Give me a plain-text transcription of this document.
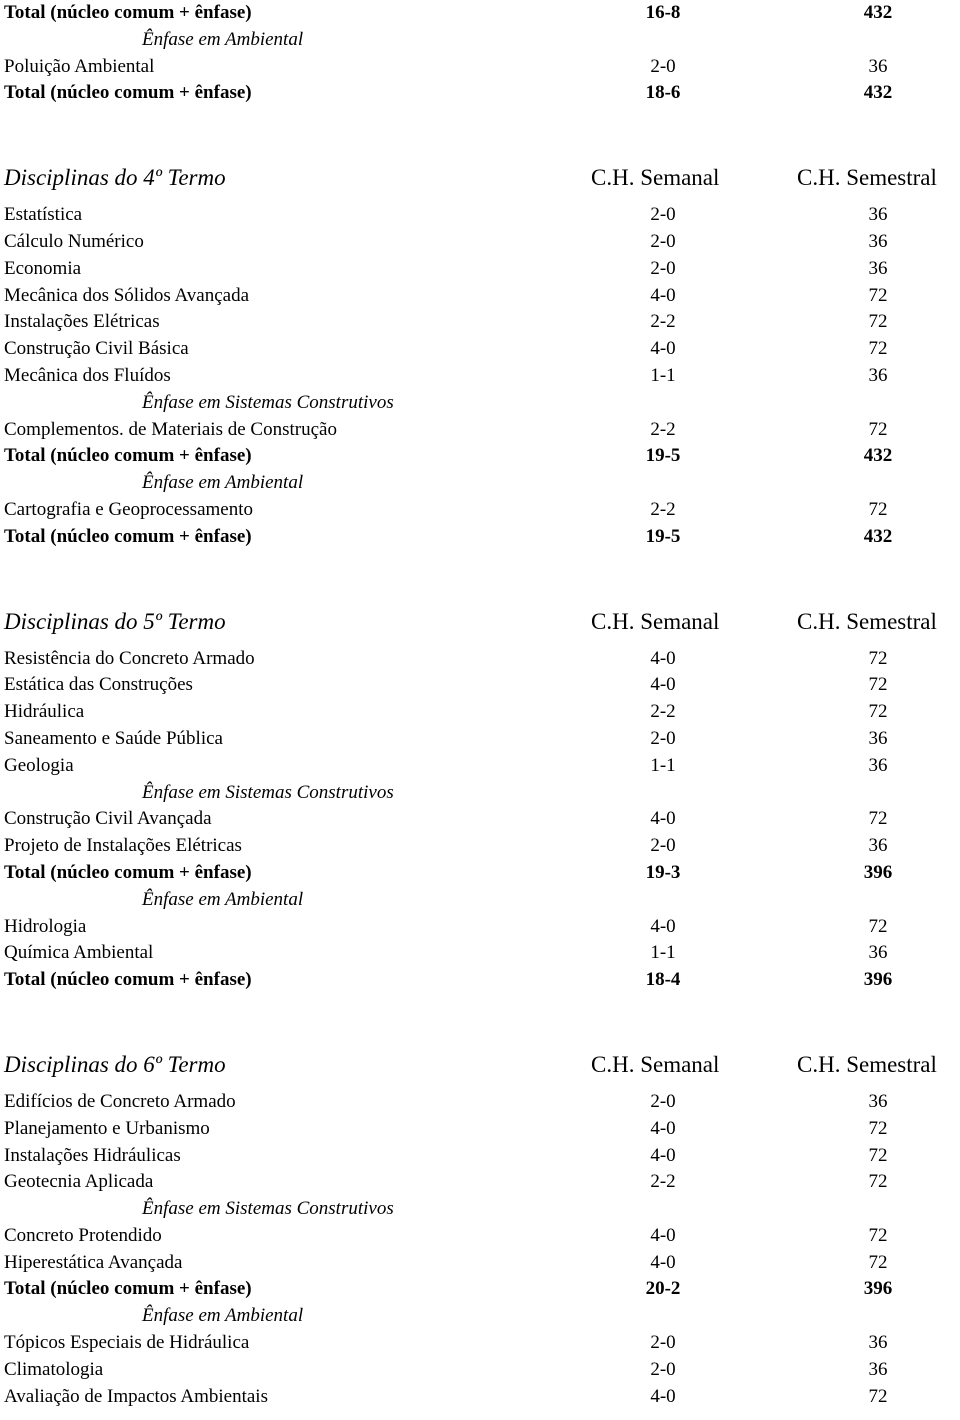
Total (núcleo comum + ênfase)	16-8	432
Ênfase em Ambiental
Poluição Ambiental	2-0	36
Total (núcleo comum + ênfase)	18-6	432
Disciplinas do 4º Termo	C.H. Semanal	C.H. Semestral
Estatística	2-0	36
Cálculo Numérico	2-0	36
Economia	2-0	36
Mecânica dos Sólidos Avançada	4-0	72
Instalações Elétricas	2-2	72
Construção Civil Básica	4-0	72
Mecânica dos Fluídos	1-1	36
Ênfase em Sistemas Construtivos
Complementos. de Materiais de Construção	2-2	72
Total (núcleo comum + ênfase)	19-5	432
Ênfase em Ambiental
Cartografia e Geoprocessamento	2-2	72
Total (núcleo comum + ênfase)	19-5	432
Disciplinas do 5º Termo	C.H. Semanal	C.H. Semestral
Resistência do Concreto Armado	4-0	72
Estática das Construções	4-0	72
Hidráulica	2-2	72
Saneamento e Saúde Pública	2-0	36
Geologia	1-1	36
Ênfase em Sistemas Construtivos
Construção Civil Avançada	4-0	72
Projeto de Instalações Elétricas	2-0	36
Total (núcleo comum + ênfase)	19-3	396
Ênfase em Ambiental
Hidrologia	4-0	72
Química Ambiental	1-1	36
Total (núcleo comum + ênfase)	18-4	396
Disciplinas do 6º Termo	C.H. Semanal	C.H. Semestral
Edifícios de Concreto Armado	2-0	36
Planejamento e Urbanismo	4-0	72
Instalações Hidráulicas	4-0	72
Geotecnia Aplicada	2-2	72
Ênfase em Sistemas Construtivos
Concreto Protendido	4-0	72
Hiperestática Avançada	4-0	72
Total (núcleo comum + ênfase)	20-2	396
Ênfase em Ambiental
Tópicos Especiais de Hidráulica	2-0	36
Climatologia	2-0	36
Avaliação de Impactos Ambientais	4-0	72
